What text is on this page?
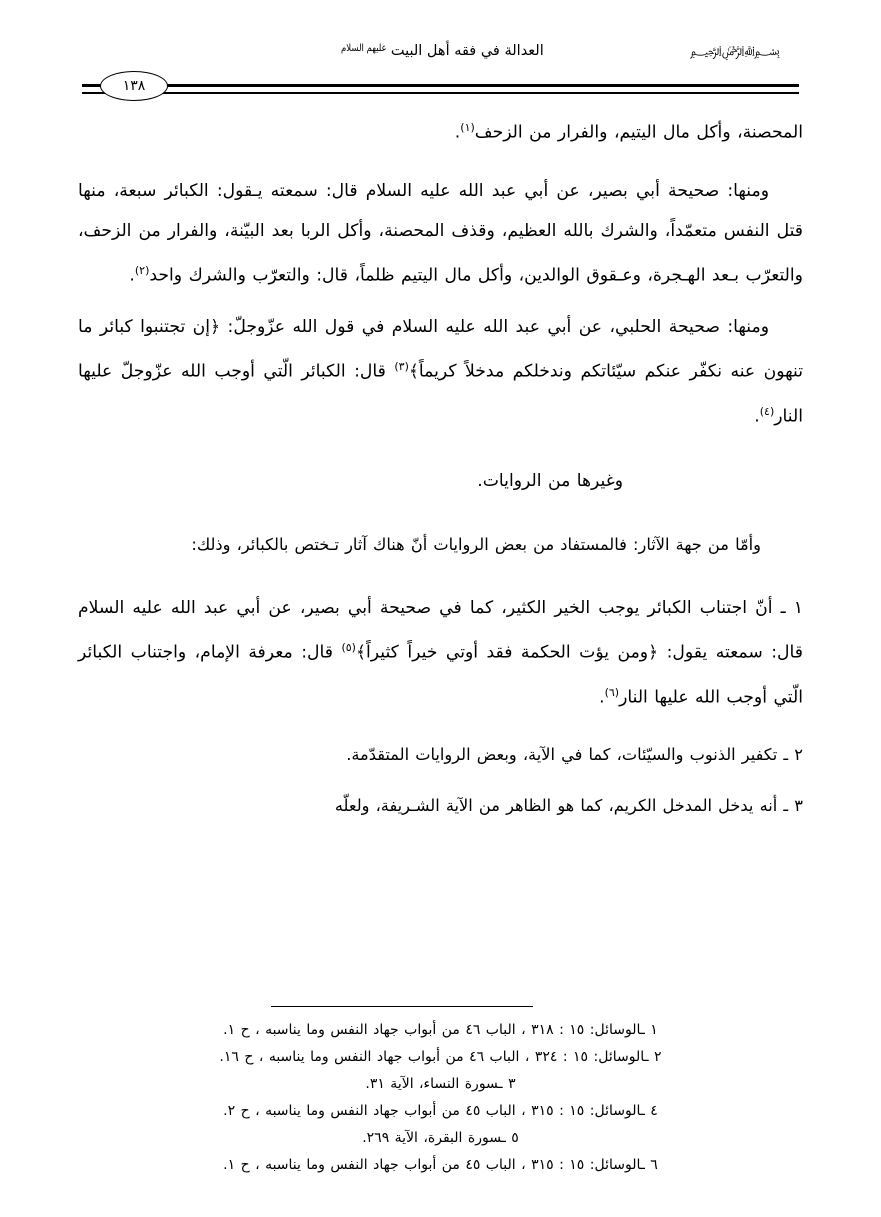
العدالة في فقه أهل البيتعليهم السلام	﷽
١٣٨

المحصنة، وأكل مال اليتيم، والفرار من الزحف$^{(١)}$.

ومنها: صحيحة أبي بصير، عن أبي عبد الله عليه السلام قال: سمعته يـقول: الكبائر سبعة، منها قتل النفس متعمّداً، والشرك بالله العظيم، وقذف المحصنة، وأكل الربا بعد البيّنة، والفرار من الزحف، والتعرّب بـعد الهـجرة، وعـقوق الوالدين، وأكل مال اليتيم ظلماً، قال: والتعرّب والشرك واحد$^{(٢)}$.

ومنها: صحيحة الحلبي، عن أبي عبد الله عليه السلام في قول الله عزّوجلّ: ﴿إن تجتنبوا كبائر ما تنهون عنه نكفّر عنكم سيّئاتكم وندخلكم مدخلاً كريماً﴾$^{(٣)}$ قال: الكبائر الّتي أوجب الله عزّوجلّ عليها النار$^{(٤)}$.

وغيرها من الروايات.

وأمّا من جهة الآثار: فالمستفاد من بعض الروايات أنّ هناك آثار تـختص بالكبائر، وذلك:

١ ـ أنّ اجتناب الكبائر يوجب الخير الكثير، كما في صحيحة أبي بصير، عن أبي عبد الله عليه السلام قال: سمعته يقول: ﴿ومن يؤت الحكمة فقد أوتي خيراً كثيراً﴾$^{(٥)}$ قال: معرفة الإمام، واجتناب الكبائر الّتي أوجب الله عليها النار$^{(٦)}$.

٢ ـ تكفير الذنوب والسيّئات، كما في الآية، وبعض الروايات المتقدّمة.

٣ ـ أنه يدخل المدخل الكريم، كما هو الظاهر من الآية الشـريفة، ولعلّه

١ ـالوسائل: ١٥ : ٣١٨ ، الباب ٤٦ من أبواب جهاد النفس وما يناسبه ، ح ١.

٢ ـالوسائل: ١٥ : ٣٢٤ ، الباب ٤٦ من أبواب جهاد النفس وما يناسبه ، ح ١٦.

٣ ـسورة النساء، الآية ٣١.

٤ ـالوسائل: ١٥ : ٣١٥ ، الباب ٤٥ من أبواب جهاد النفس وما يناسبه ، ح ٢.

٥ ـسورة البقرة، الآية ٢٦٩.

٦ ـالوسائل: ١٥ : ٣١٥ ، الباب ٤٥ من أبواب جهاد النفس وما يناسبه ، ح ١.
